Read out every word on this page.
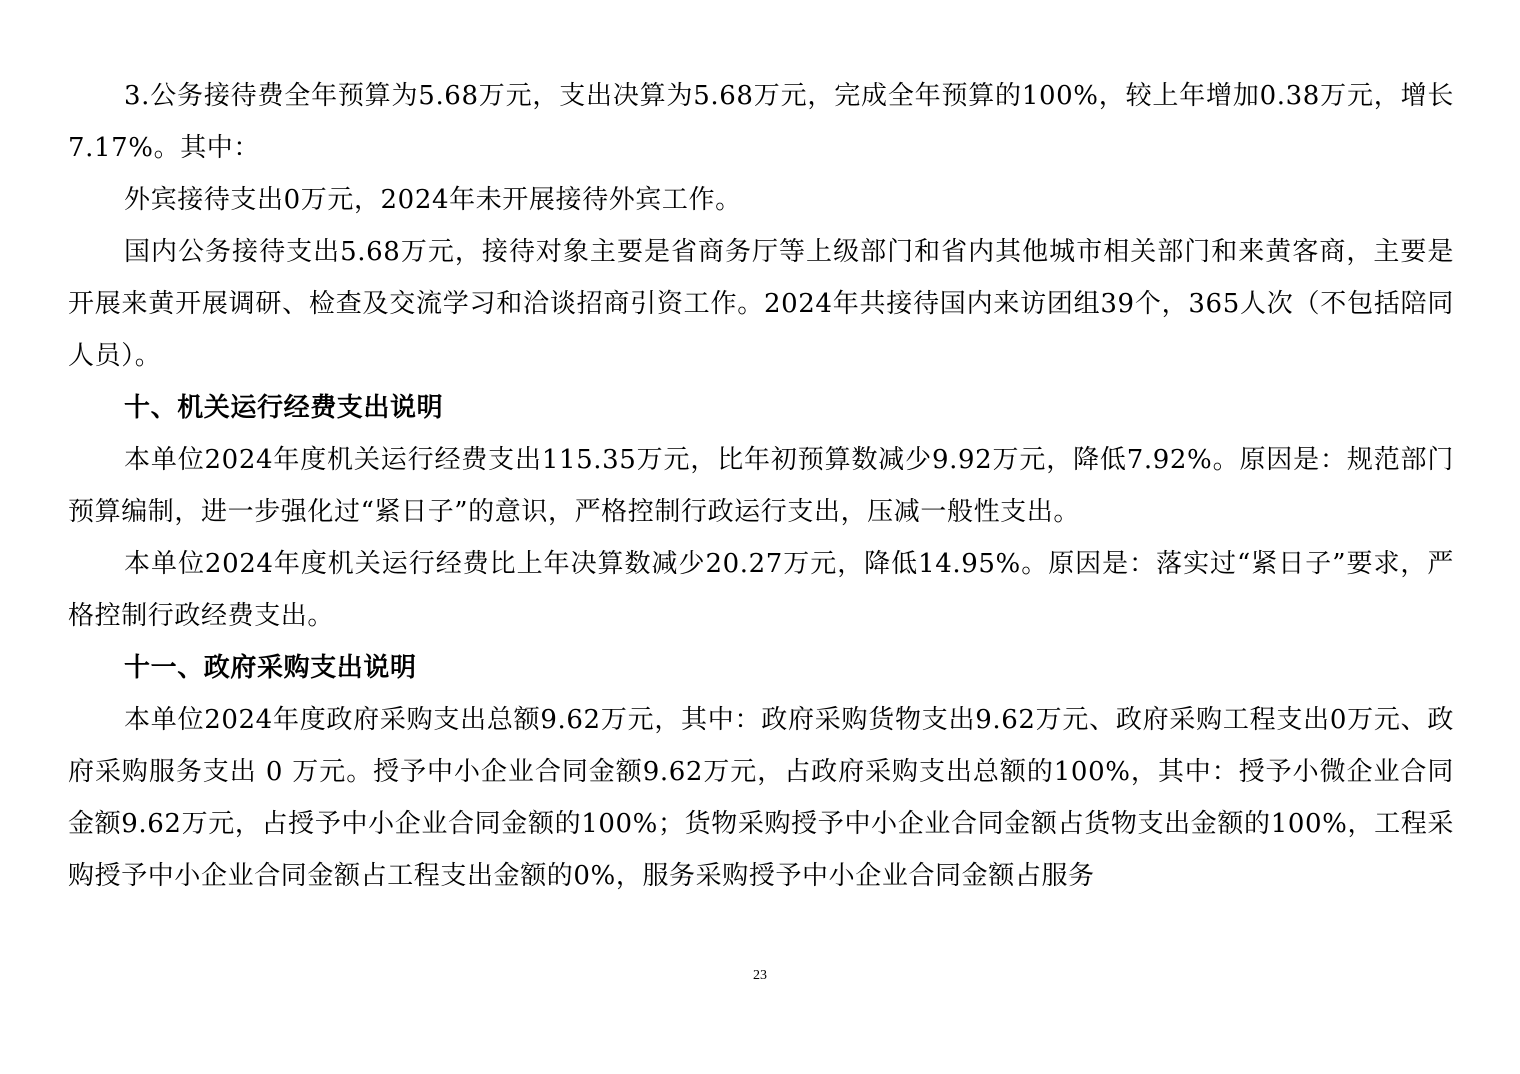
3.公务接待费全年预算为5.68万元，支出决算为5.68万元，完成全年预算的100%，较上年增加0.38万元，增长7.17%。其中：

外宾接待支出0万元，2024年未开展接待外宾工作。

国内公务接待支出5.68万元，接待对象主要是省商务厅等上级部门和省内其他城市相关部门和来黄客商，主要是开展来黄开展调研、检查及交流学习和洽谈招商引资工作。2024年共接待国内来访团组39个，365人次（不包括陪同人员）。

十、机关运行经费支出说明

本单位2024年度机关运行经费支出115.35万元，比年初预算数减少9.92万元，降低7.92%。原因是：规范部门预算编制，进一步强化过“紧日子”的意识，严格控制行政运行支出，压减一般性支出。

本单位2024年度机关运行经费比上年决算数减少20.27万元，降低14.95%。原因是：落实过“紧日子”要求，严格控制行政经费支出。

十一、政府采购支出说明

本单位2024年度政府采购支出总额9.62万元，其中：政府采购货物支出9.62万元、政府采购工程支出0万元、政府采购服务支出 0 万元。授予中小企业合同金额9.62万元，占政府采购支出总额的100%，其中：授予小微企业合同金额9.62万元，占授予中小企业合同金额的100%；货物采购授予中小企业合同金额占货物支出金额的100%，工程采购授予中小企业合同金额占工程支出金额的0%，服务采购授予中小企业合同金额占服务

23
